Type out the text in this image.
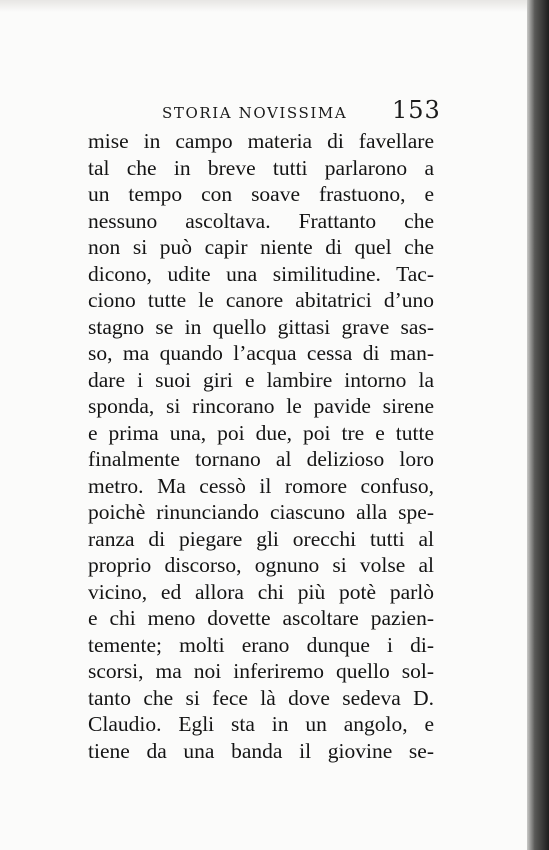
STORIA NOVISSIMA 153
mise in campo materia di favellare
tal che in breve tutti parlarono a
un tempo con soave frastuono, e
nessuno ascoltava. Frattanto che
non si può capir niente di quel che
dicono, udite una similitudine. Tac-
ciono tutte le canore abitatrici d’uno
stagno se in quello gittasi grave sas-
so, ma quando l’acqua cessa di man-
dare i suoi giri e lambire intorno la
sponda, si rincorano le pavide sirene
e prima una, poi due, poi tre e tutte
finalmente tornano al delizioso loro
metro. Ma cessò il romore confuso,
poichè rinunciando ciascuno alla spe-
ranza di piegare gli orecchi tutti al
proprio discorso, ognuno si volse al
vicino, ed allora chi più potè parlò
e chi meno dovette ascoltare pazien-
temente; molti erano dunque i di-
scorsi, ma noi inferiremo quello sol-
tanto che si fece là dove sedeva D.
Claudio. Egli sta in un angolo, e
tiene da una banda il giovine se-
